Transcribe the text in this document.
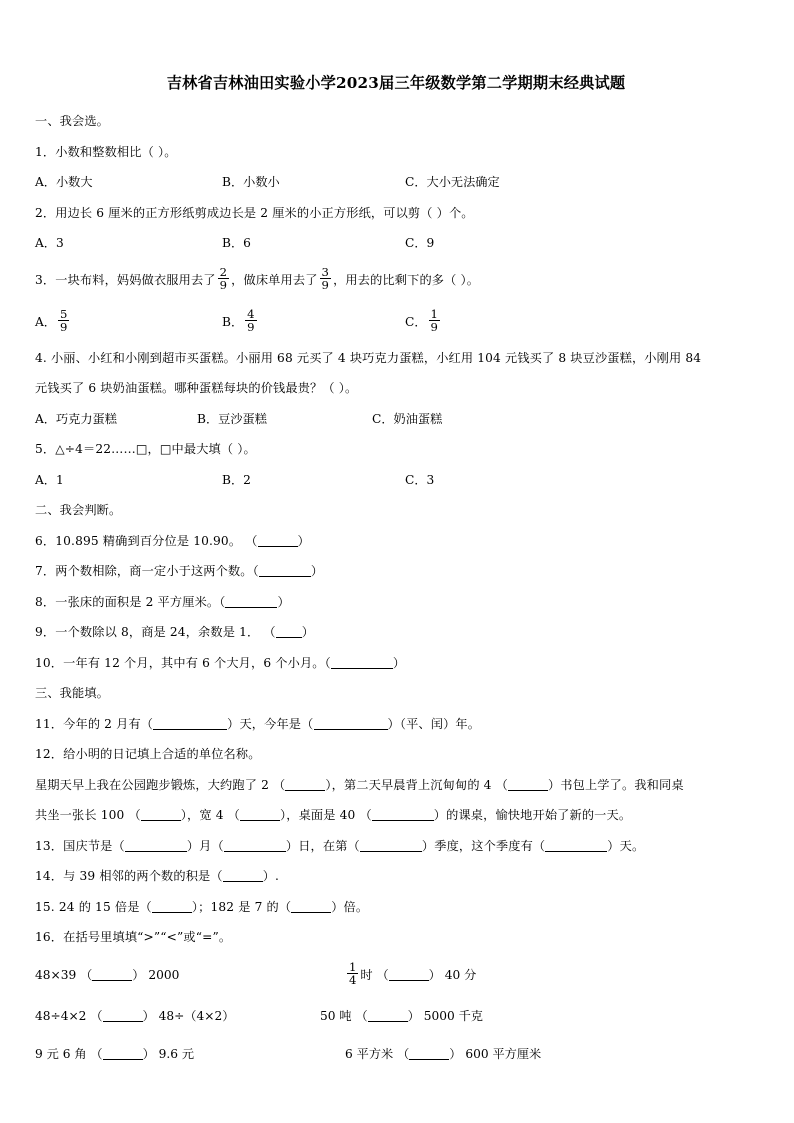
吉林省吉林油田实验小学2023届三年级数学第二学期期末经典试题
一、我会选。
1．小数和整数相比（ ）。
A．小数大	B．小数小	C．大小无法确定
2．用边长 6 厘米的正方形纸剪成边长是 2 厘米的小正方形纸，可以剪（ ）个。
A．3	B．6	C．9
3．一块布料，妈妈做衣服用去了 $\frac{2}{9}$ ，做床单用去了 $\frac{3}{9}$ ，用去的比剩下的多（ ）。
A． $\frac{5}{9}$	B． $\frac{4}{9}$	C． $\frac{1}{9}$
4. 小丽、小红和小刚到超市买蛋糕。小丽用 68 元买了 4 块巧克力蛋糕，小红用 104 元钱买了 8 块豆沙蛋糕，小刚用 84
元钱买了 6 块奶油蛋糕。哪种蛋糕每块的价钱最贵？（ ）。
A．巧克力蛋糕	B．豆沙蛋糕	C．奶油蛋糕
5．△÷4＝22……□，□中最大填（ ）。
A．1	B．2	C．3
二、我会判断。
6．10.895 精确到百分位是 10.90。 （	）
7．两个数相除，商一定小于这两个数。（	）
8．一张床的面积是 2 平方厘米。（	）
9．一个数除以 8，商是 24，余数是 1． （ ）
10．一年有 12 个月，其中有 6 个大月，6 个小月。（	）
三、我能填。
11．今年的 2 月有（	）天，今年是（	）（平、闰）年。
12．给小明的日记填上合适的单位名称。
星期天早上我在公园跑步锻炼，大约跑了 2 （	），第二天早晨背上沉甸甸的 4 （	）书包上学了。我和同桌
共坐一张长 100 （	），宽 4 （	），桌面是 40 （	）的课桌，愉快地开始了新的一天。
13．国庆节是（	）月（	）日，在第（	）季度，这个季度有（	）天。
14．与 39 相邻的两个数的积是（	）.
15. 24 的 15 倍是（	）；182 是 7 的（	）倍。
16．在括号里填填“>”“<”或“=”。
48×39 （	） 2000	$\frac{1}{4}$ 时 （	） 40 分
48÷4×2 （	） 48÷（4×2）	50 吨 （	） 5000 千克
9 元 6 角 （	） 9.6 元	6 平方米 （	） 600 平方厘米
